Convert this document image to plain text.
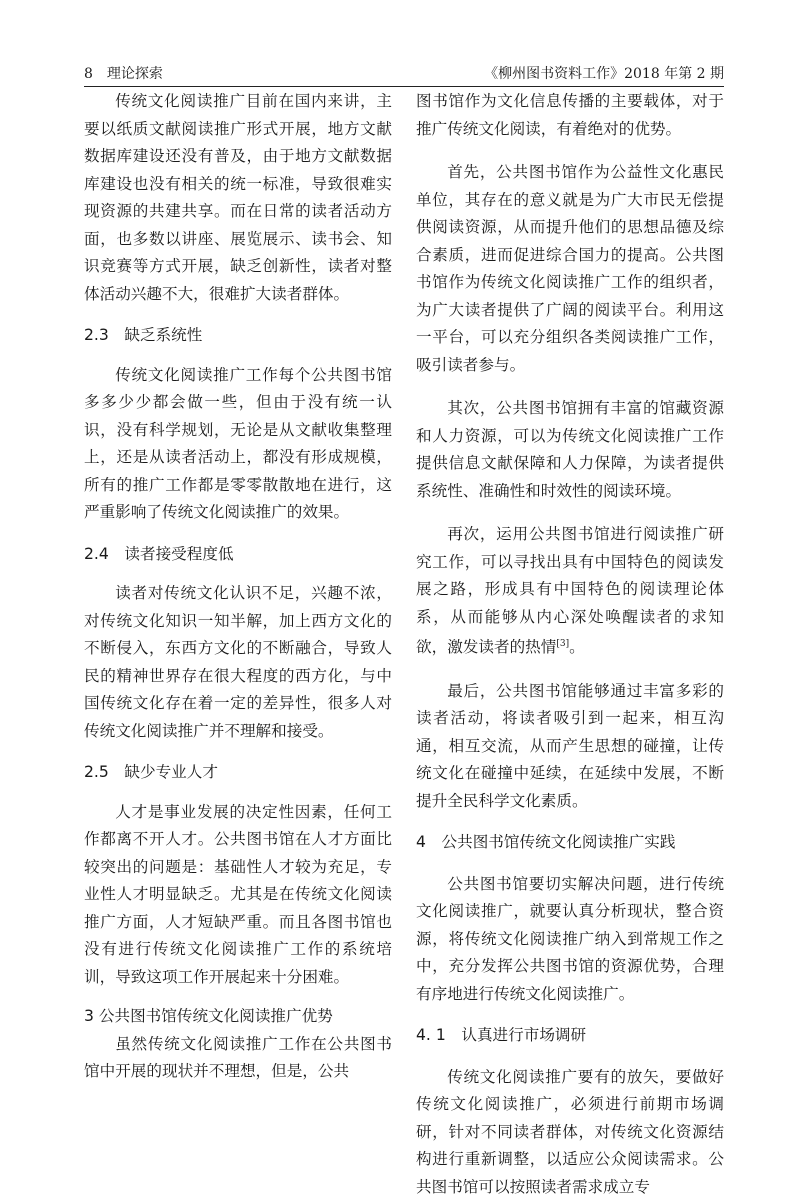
8 理论探索	《柳州图书资料工作》2018 年第 2 期

传统文化阅读推广目前在国内来讲，主要以纸质文献阅读推广形式开展，地方文献数据库建设还没有普及，由于地方文献数据库建设也没有相关的统一标准，导致很难实现资源的共建共享。而在日常的读者活动方面，也多数以讲座、展览展示、读书会、知识竞赛等方式开展，缺乏创新性，读者对整体活动兴趣不大，很难扩大读者群体。

2.3　缺乏系统性

传统文化阅读推广工作每个公共图书馆多多少少都会做一些，但由于没有统一认识，没有科学规划，无论是从文献收集整理上，还是从读者活动上，都没有形成规模，所有的推广工作都是零零散散地在进行，这严重影响了传统文化阅读推广的效果。

2.4　读者接受程度低

读者对传统文化认识不足，兴趣不浓，对传统文化知识一知半解，加上西方文化的不断侵入，东西方文化的不断融合，导致人民的精神世界存在很大程度的西方化，与中国传统文化存在着一定的差异性，很多人对传统文化阅读推广并不理解和接受。

2.5　缺少专业人才

人才是事业发展的决定性因素，任何工作都离不开人才。公共图书馆在人才方面比较突出的问题是：基础性人才较为充足，专业性人才明显缺乏。尤其是在传统文化阅读推广方面，人才短缺严重。而且各图书馆也没有进行传统文化阅读推广工作的系统培训，导致这项工作开展起来十分困难。

3 公共图书馆传统文化阅读推广优势

虽然传统文化阅读推广工作在公共图书馆中开展的现状并不理想，但是，公共

图书馆作为文化信息传播的主要载体，对于推广传统文化阅读，有着绝对的优势。

首先，公共图书馆作为公益性文化惠民单位，其存在的意义就是为广大市民无偿提供阅读资源，从而提升他们的思想品德及综合素质，进而促进综合国力的提高。公共图书馆作为传统文化阅读推广工作的组织者，为广大读者提供了广阔的阅读平台。利用这一平台，可以充分组织各类阅读推广工作，吸引读者参与。

其次，公共图书馆拥有丰富的馆藏资源和人力资源，可以为传统文化阅读推广工作提供信息文献保障和人力保障，为读者提供系统性、准确性和时效性的阅读环境。

再次，运用公共图书馆进行阅读推广研究工作，可以寻找出具有中国特色的阅读发展之路，形成具有中国特色的阅读理论体系，从而能够从内心深处唤醒读者的求知欲，激发读者的热情[3]。

最后，公共图书馆能够通过丰富多彩的读者活动，将读者吸引到一起来，相互沟通，相互交流，从而产生思想的碰撞，让传统文化在碰撞中延续，在延续中发展，不断提升全民科学文化素质。

4　公共图书馆传统文化阅读推广实践

公共图书馆要切实解决问题，进行传统文化阅读推广，就要认真分析现状，整合资源，将传统文化阅读推广纳入到常规工作之中，充分发挥公共图书馆的资源优势，合理有序地进行传统文化阅读推广。

4. 1　认真进行市场调研

传统文化阅读推广要有的放矢，要做好传统文化阅读推广，必须进行前期市场调研，针对不同读者群体，对传统文化资源结构进行重新调整，以适应公众阅读需求。公共图书馆可以按照读者需求成立专
